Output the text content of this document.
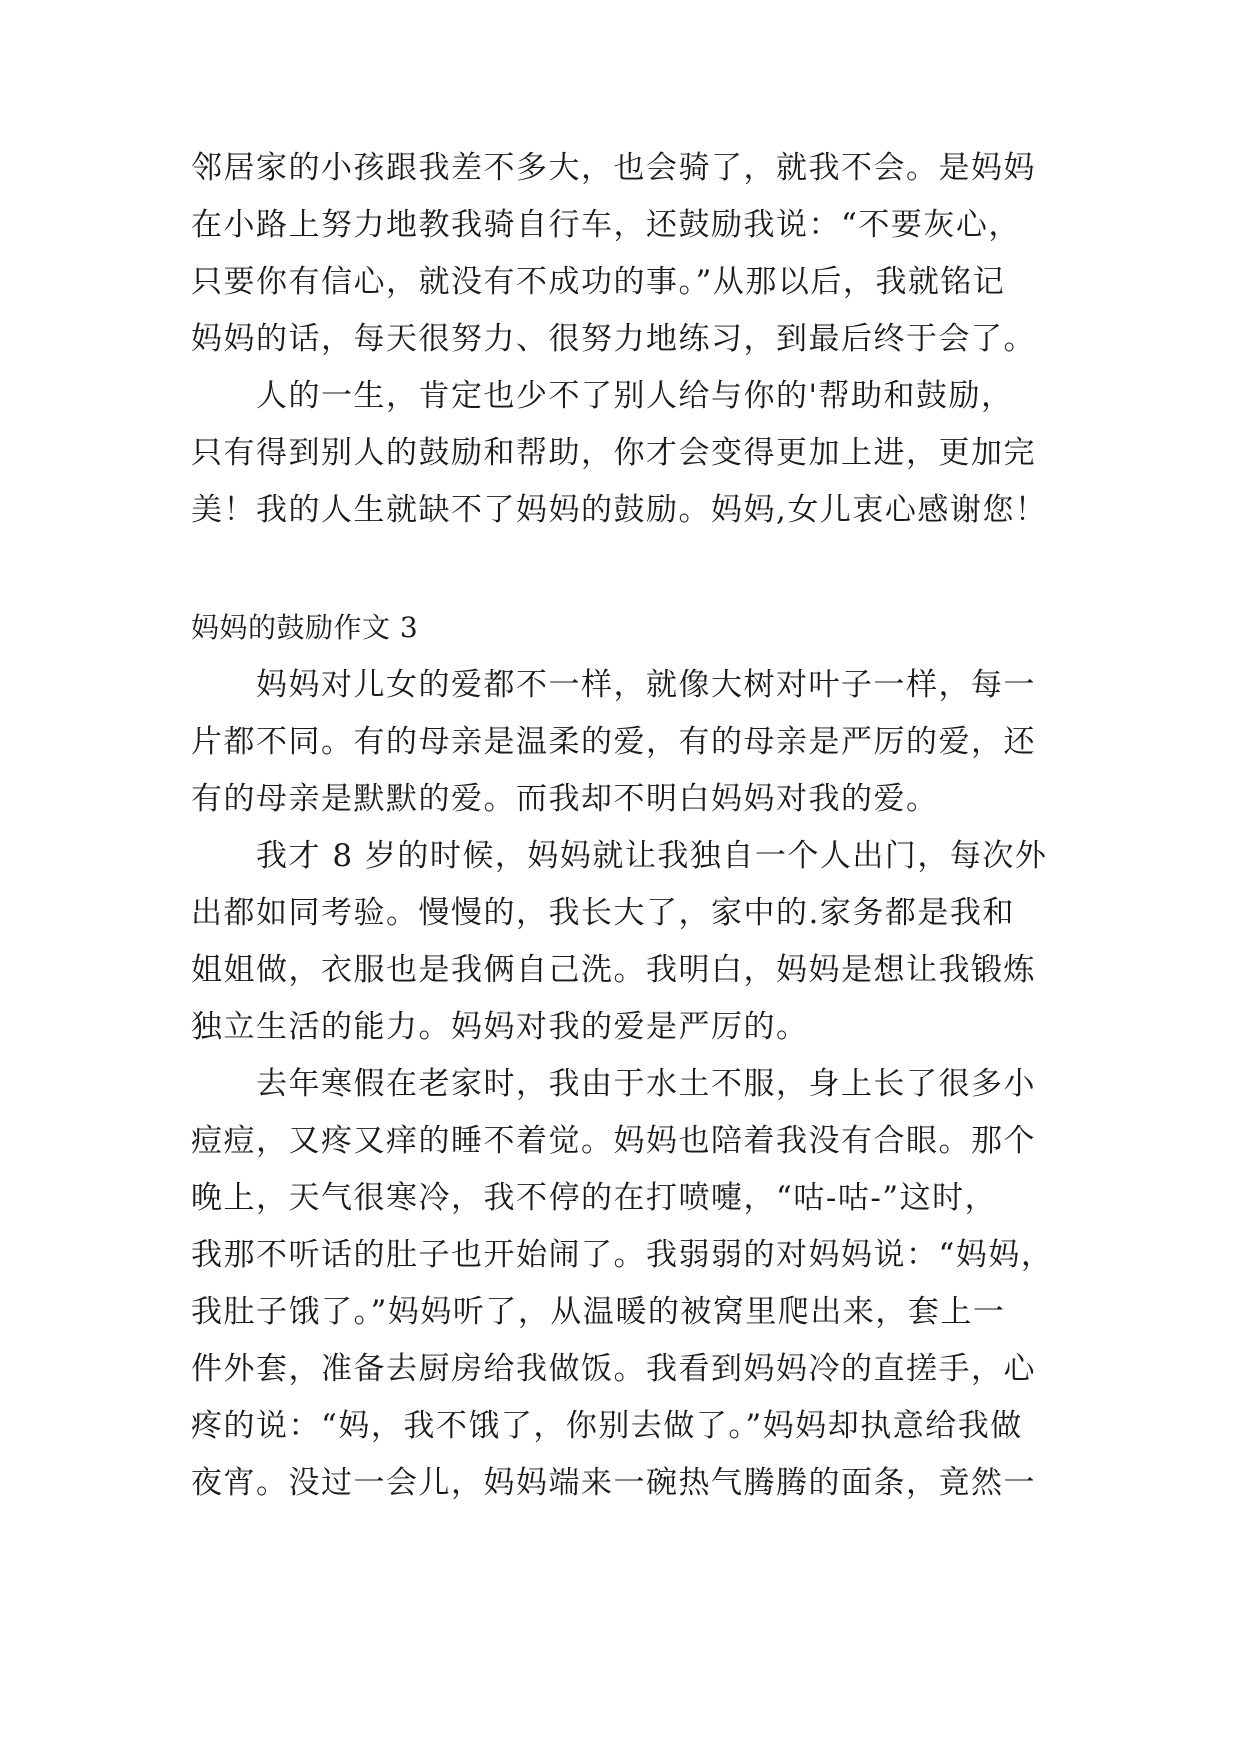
邻居家的小孩跟我差不多大，也会骑了，就我不会。是妈妈
在小路上努力地教我骑自行车，还鼓励我说：“不要灰心，
只要你有信心，就没有不成功的事。”从那以后，我就铭记
妈妈的话，每天很努力、很努力地练习，到最后终于会了。
人的一生，肯定也少不了别人给与你的'帮助和鼓励，
只有得到别人的鼓励和帮助，你才会变得更加上进，更加完
美！我的人生就缺不了妈妈的鼓励。妈妈,女儿衷心感谢您！
妈妈的鼓励作文 3
妈妈对儿女的爱都不一样，就像大树对叶子一样，每一
片都不同。有的母亲是温柔的爱，有的母亲是严厉的爱，还
有的母亲是默默的爱。而我却不明白妈妈对我的爱。
我才 8 岁的时候，妈妈就让我独自一个人出门，每次外
出都如同考验。慢慢的，我长大了，家中的.家务都是我和
姐姐做，衣服也是我俩自己洗。我明白，妈妈是想让我锻炼
独立生活的能力。妈妈对我的爱是严厉的。
去年寒假在老家时，我由于水土不服，身上长了很多小
痘痘，又疼又痒的睡不着觉。妈妈也陪着我没有合眼。那个
晚上，天气很寒冷，我不停的在打喷嚏，“咕-咕-”这时，
我那不听话的肚子也开始闹了。我弱弱的对妈妈说：“妈妈，
我肚子饿了。”妈妈听了，从温暖的被窝里爬出来，套上一
件外套，准备去厨房给我做饭。我看到妈妈冷的直搓手，心
疼的说：“妈，我不饿了，你别去做了。”妈妈却执意给我做
夜宵。没过一会儿，妈妈端来一碗热气腾腾的面条，竟然一
